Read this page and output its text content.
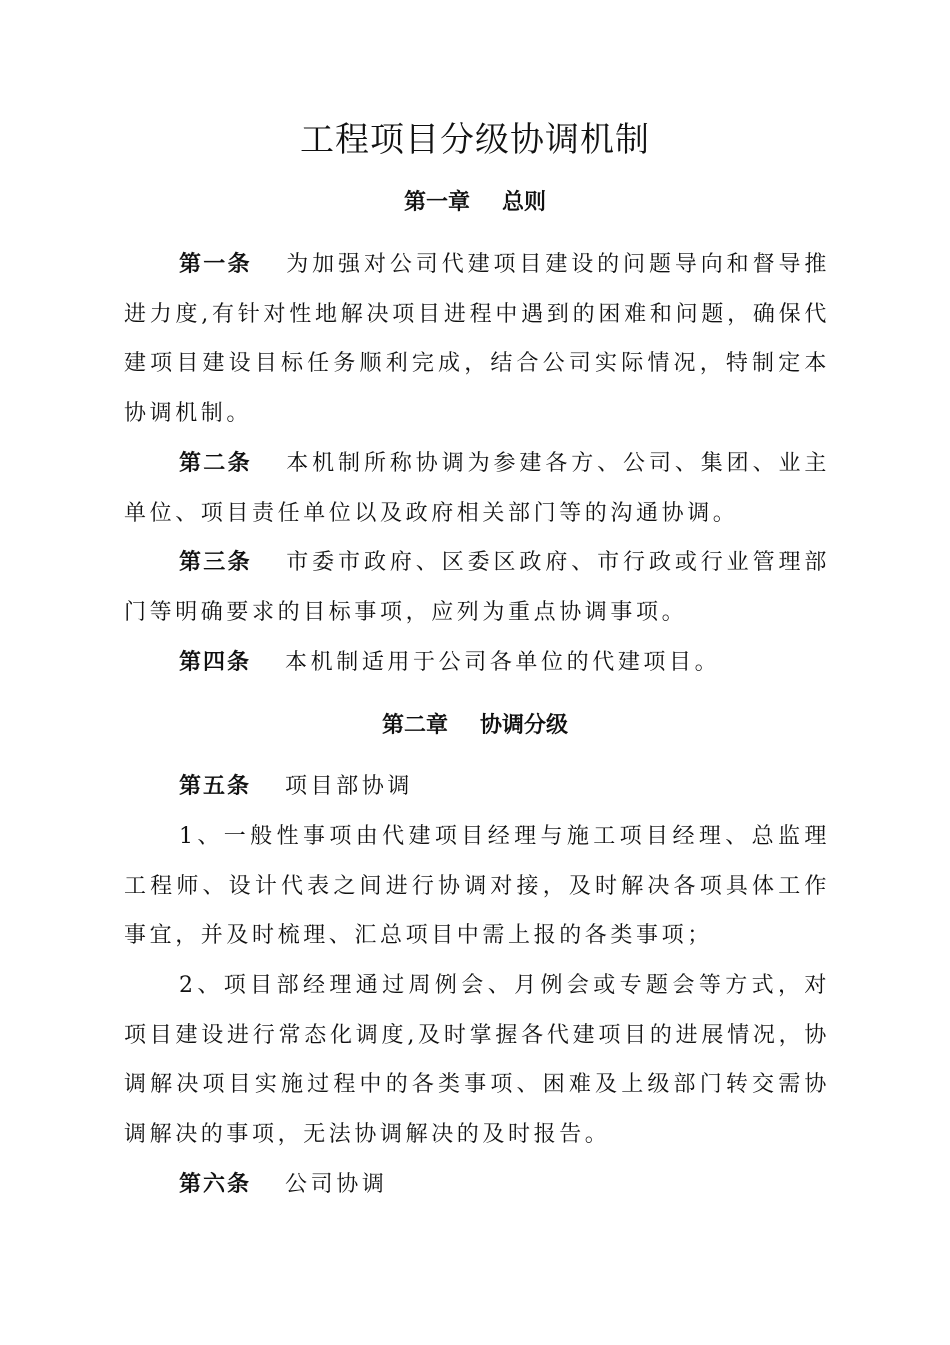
工程项目分级协调机制
第一章 总则

第一条 为加强对公司代建项目建设的问题导向和督导推进力度,有针对性地解决项目进程中遇到的困难和问题，确保代建项目建设目标任务顺利完成，结合公司实际情况，特制定本协调机制。

第二条 本机制所称协调为参建各方、公司、集团、业主单位、项目责任单位以及政府相关部门等的沟通协调。

第三条 市委市政府、区委区政府、市行政或行业管理部门等明确要求的目标事项，应列为重点协调事项。

第四条 本机制适用于公司各单位的代建项目。

第二章 协调分级

第五条 项目部协调

1、一般性事项由代建项目经理与施工项目经理、总监理工程师、设计代表之间进行协调对接，及时解决各项具体工作事宜，并及时梳理、汇总项目中需上报的各类事项；

2、项目部经理通过周例会、月例会或专题会等方式，对项目建设进行常态化调度,及时掌握各代建项目的进展情况，协调解决项目实施过程中的各类事项、困难及上级部门转交需协调解决的事项，无法协调解决的及时报告。

第六条 公司协调
